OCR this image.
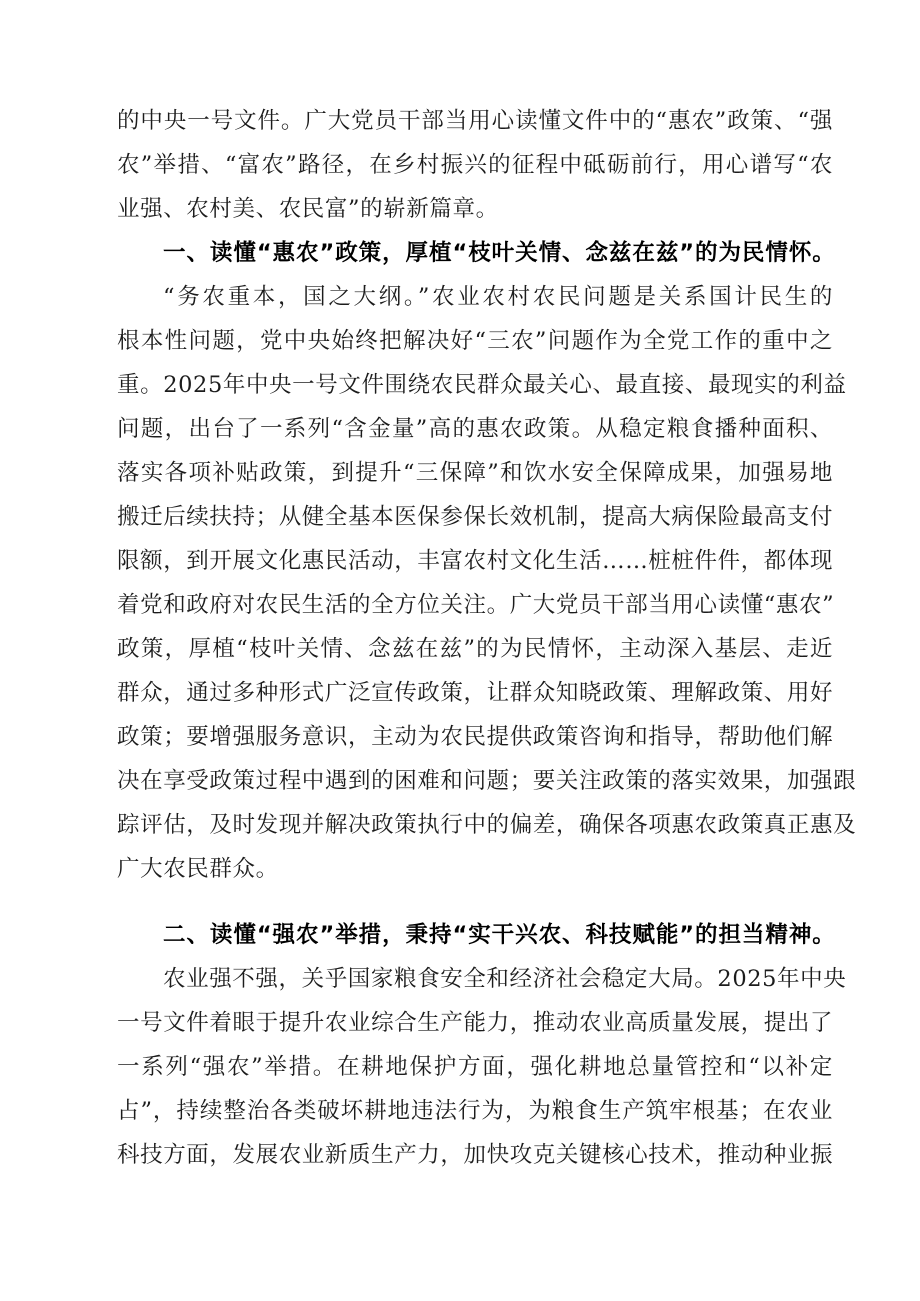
的中央一号文件。广大党员干部当用心读懂文件中的“惠农”政策、“强
农”举措、“富农”路径，在乡村振兴的征程中砥砺前行，用心谱写“农
业强、农村美、农民富”的崭新篇章。
一、读懂“惠农”政策，厚植“枝叶关情、念兹在兹”的为民情怀。
“务农重本，国之大纲。”农业农村农民问题是关系国计民生的
根本性问题，党中央始终把解决好“三农”问题作为全党工作的重中之
重。2025年中央一号文件围绕农民群众最关心、最直接、最现实的利益
问题，出台了一系列“含金量”高的惠农政策。从稳定粮食播种面积、
落实各项补贴政策，到提升“三保障”和饮水安全保障成果，加强易地
搬迁后续扶持；从健全基本医保参保长效机制，提高大病保险最高支付
限额，到开展文化惠民活动，丰富农村文化生活……桩桩件件，都体现
着党和政府对农民生活的全方位关注。广大党员干部当用心读懂“惠农”
政策，厚植“枝叶关情、念兹在兹”的为民情怀，主动深入基层、走近
群众，通过多种形式广泛宣传政策，让群众知晓政策、理解政策、用好
政策；要增强服务意识，主动为农民提供政策咨询和指导，帮助他们解
决在享受政策过程中遇到的困难和问题；要关注政策的落实效果，加强跟
踪评估，及时发现并解决政策执行中的偏差，确保各项惠农政策真正惠及
广大农民群众。
二、读懂“强农”举措，秉持“实干兴农、科技赋能”的担当精神。
农业强不强，关乎国家粮食安全和经济社会稳定大局。2025年中央
一号文件着眼于提升农业综合生产能力，推动农业高质量发展，提出了
一系列“强农”举措。在耕地保护方面，强化耕地总量管控和“以补定
占”，持续整治各类破坏耕地违法行为，为粮食生产筑牢根基；在农业
科技方面，发展农业新质生产力，加快攻克关键核心技术，推动种业振
